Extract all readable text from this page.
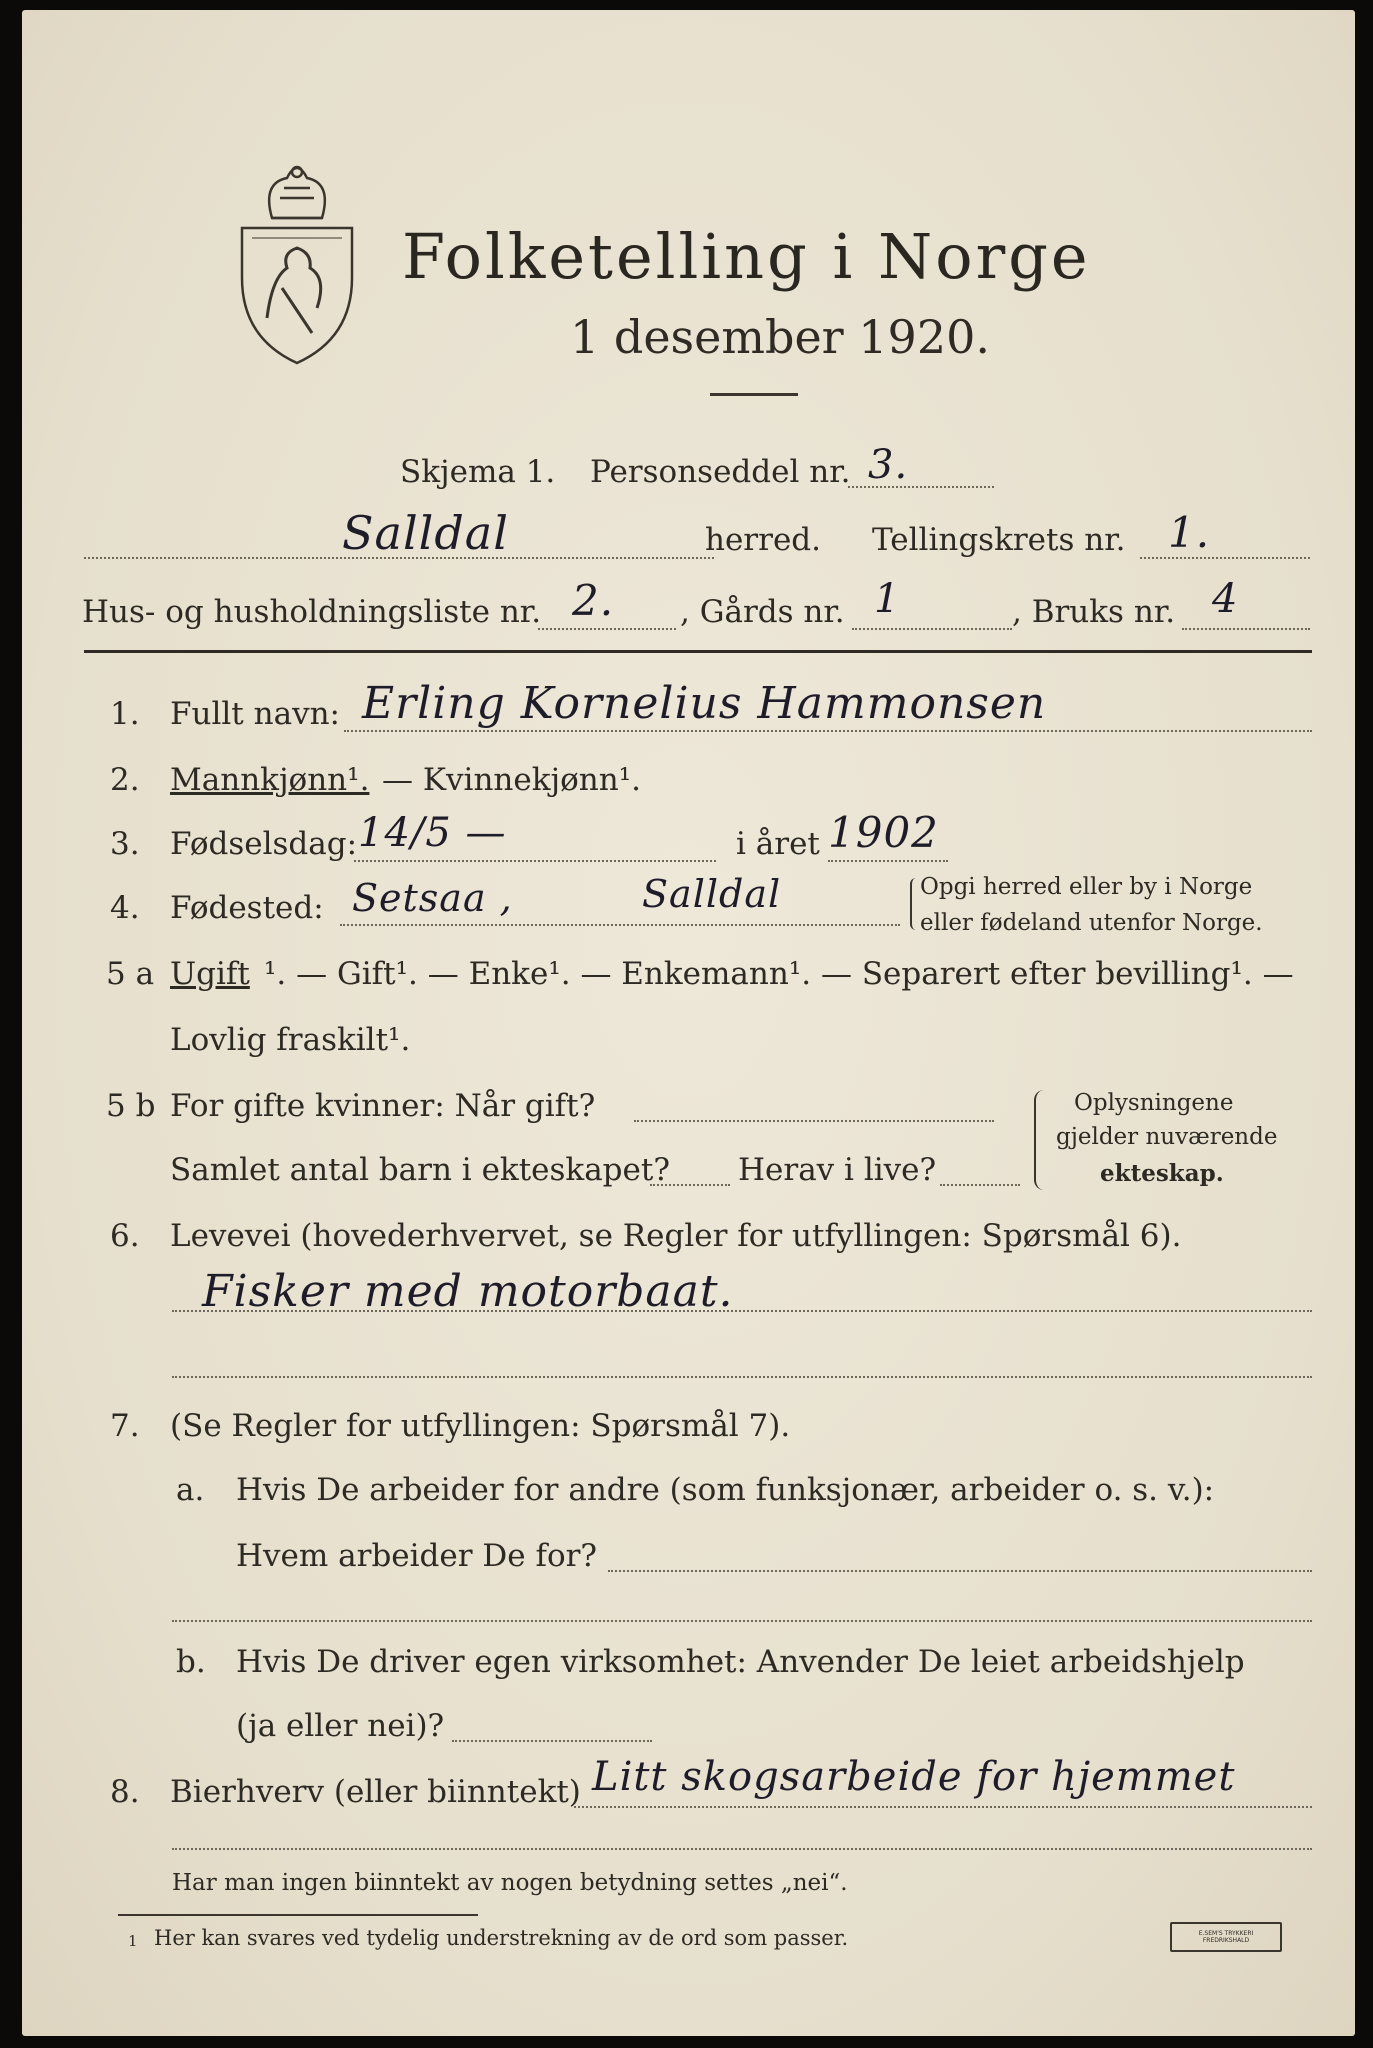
Folketelling i Norge
1 desember 1920.
Skjema 1. Personseddel nr. 3.
Salldal	herred. Tellingskrets nr. 1.
Hus- og husholdningsliste nr. 2. , Gårds nr. 1	, Bruks nr. 4
1. Fullt navn: Erling Kornelius Hammonsen
2. Mannkjønn¹. — Kvinnekjønn¹.
3. Fødselsdag: 14/5 —	i året 1902
4. Fødested: Setsaa ,	Salldal	Opgi herred eller by i Norge
eller fødeland utenfor Norge.
5 a Ugift ¹. — Gift¹. — Enke¹. — Enkemann¹. — Separert efter bevilling¹. —
Lovlig fraskilt¹.
5 b For gifte kvinner: Når gift?
Samlet antal barn i ekteskapet? Herav i live?
Oplysningene
gjelder nuværende
ekteskap.
6. Levevei (hovederhvervet, se Regler for utfyllingen: Spørsmål 6).
Fisker med motorbaat.
7. (Se Regler for utfyllingen: Spørsmål 7).
a. Hvis De arbeider for andre (som funksjonær, arbeider o. s. v.):
Hvem arbeider De for?
b. Hvis De driver egen virksomhet: Anvender De leiet arbeidshjelp
(ja eller nei)?
8. Bierhverv (eller biinntekt) Litt skogsarbeide for hjemmet
Har man ingen biinntekt av nogen betydning settes „nei“.
1 Her kan svares ved tydelig understrekning av de ord som passer.	E.SEM'S TRYKKERI FREDRIKSHALD
